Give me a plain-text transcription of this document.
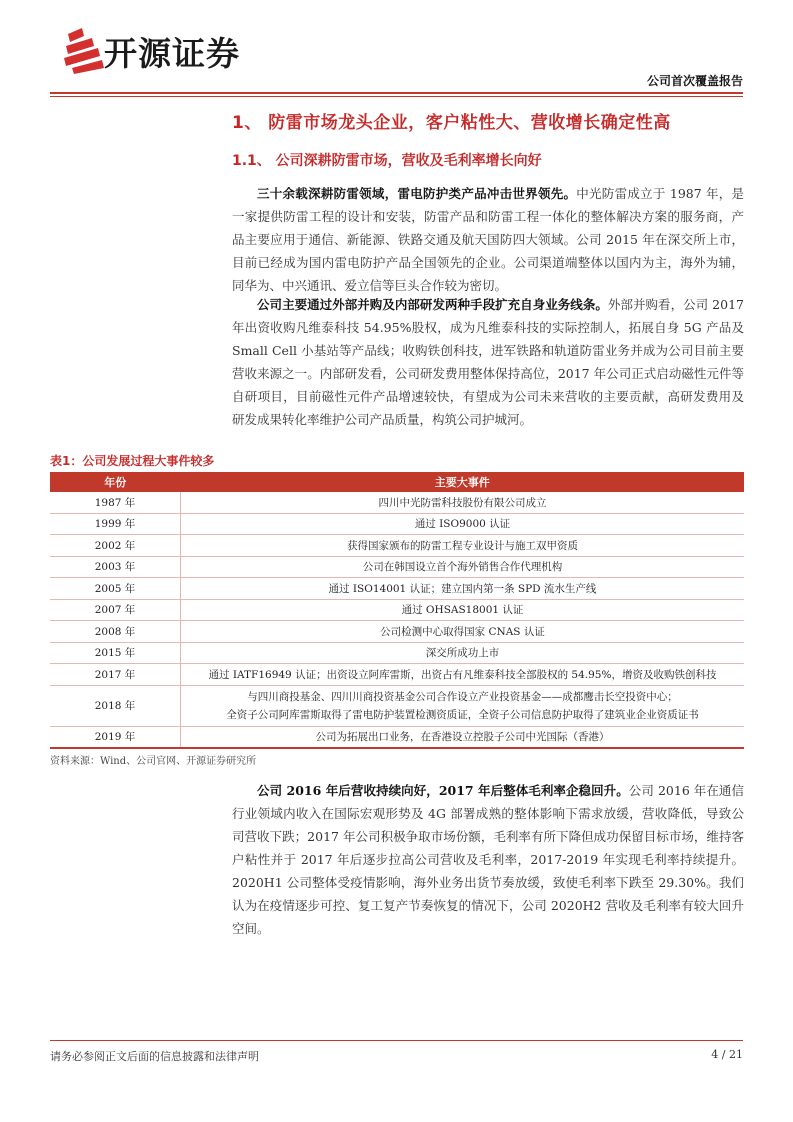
开源证券
公司首次覆盖报告
1、 防雷市场龙头企业，客户粘性大、营收增长确定性高
1.1、 公司深耕防雷市场，营收及毛利率增长向好
三十余载深耕防雷领域，雷电防护类产品冲击世界领先。中光防雷成立于 1987 年，是一家提供防雷工程的设计和安装，防雷产品和防雷工程一体化的整体解决方案的服务商，产品主要应用于通信、新能源、铁路交通及航天国防四大领域。公司 2015 年在深交所上市，目前已经成为国内雷电防护产品全国领先的企业。公司渠道端整体以国内为主，海外为辅，同华为、中兴通讯、爱立信等巨头合作较为密切。
公司主要通过外部并购及内部研发两种手段扩充自身业务线条。外部并购看，公司 2017 年出资收购凡维泰科技 54.95%股权，成为凡维泰科技的实际控制人，拓展自身 5G 产品及 Small Cell 小基站等产品线；收购铁创科技，进军铁路和轨道防雷业务并成为公司目前主要营收来源之一。内部研发看，公司研发费用整体保持高位，2017 年公司正式启动磁性元件等自研项目，目前磁性元件产品增速较快，有望成为公司未来营收的主要贡献，高研发费用及研发成果转化率维护公司产品质量，构筑公司护城河。
表1：公司发展过程大事件较多
年份	主要大事件
1987 年	四川中光防雷科技股份有限公司成立
1999 年	通过 ISO9000 认证
2002 年	获得国家颁布的防雷工程专业设计与施工双甲资质
2003 年	公司在韩国设立首个海外销售合作代理机构
2005 年	通过 ISO14001 认证；建立国内第一条 SPD 流水生产线
2007 年	通过 OHSAS18001 认证
2008 年	公司检测中心取得国家 CNAS 认证
2015 年	深交所成功上市
2017 年	通过 IATF16949 认证；出资设立阿库雷斯，出资占有凡维泰科技全部股权的 54.95%，增资及收购铁创科技
2018 年	与四川商投基金、四川川商投资基金公司合作设立产业投资基金——成都鹰击长空投资中心；
全资子公司阿库雷斯取得了雷电防护装置检测资质证，全资子公司信息防护取得了建筑业企业资质证书

2019 年	公司为拓展出口业务，在香港设立控股子公司中光国际（香港）
资料来源：Wind、公司官网、开源证券研究所
公司 2016 年后营收持续向好，2017 年后整体毛利率企稳回升。公司 2016 年在通信行业领域内收入在国际宏观形势及 4G 部署成熟的整体影响下需求放缓，营收降低，导致公司营收下跌；2017 年公司积极争取市场份额，毛利率有所下降但成功保留目标市场，维持客户粘性并于 2017 年后逐步拉高公司营收及毛利率，2017-2019 年实现毛利率持续提升。2020H1 公司整体受疫情影响，海外业务出货节奏放缓，致使毛利率下跌至 29.30%。我们认为在疫情逐步可控、复工复产节奏恢复的情况下，公司 2020H2 营收及毛利率有较大回升空间。
请务必参阅正文后面的信息披露和法律声明	4 / 21
